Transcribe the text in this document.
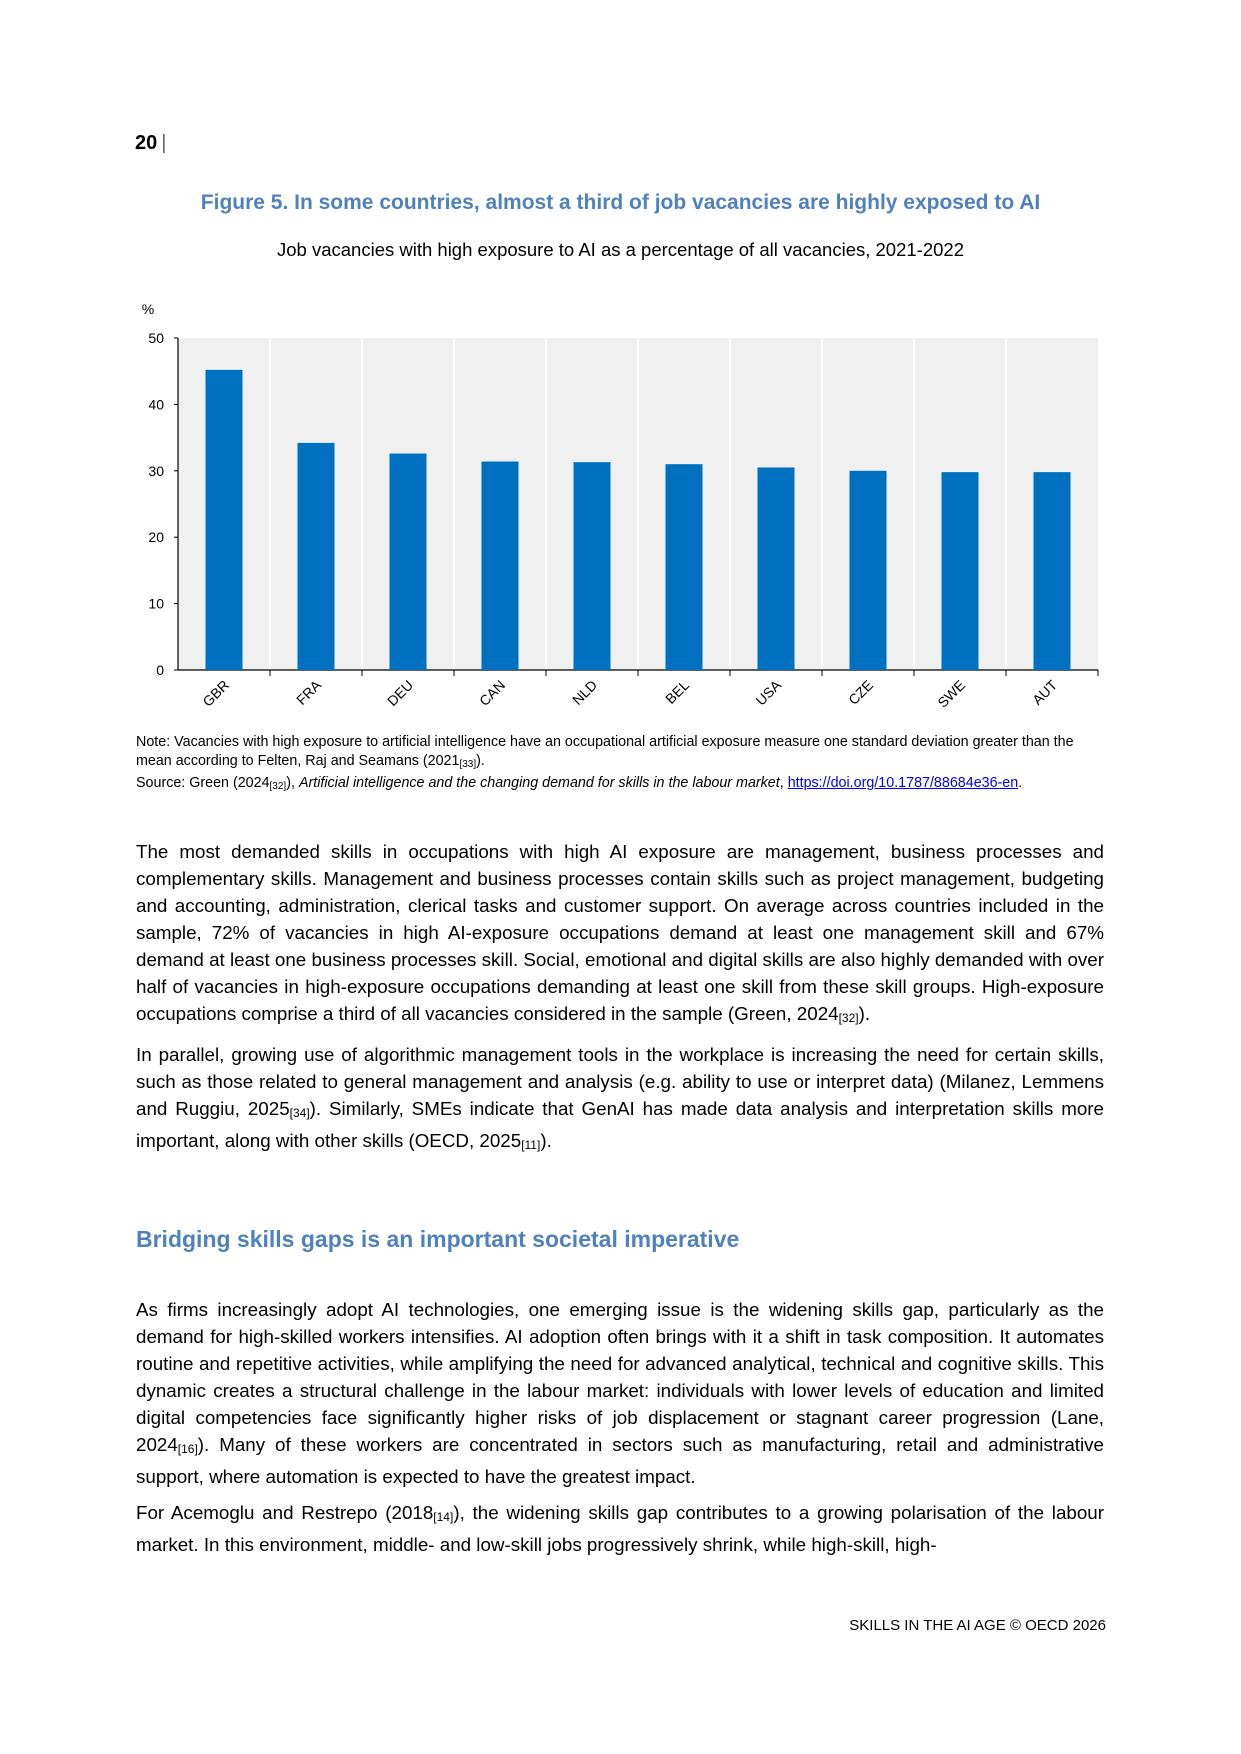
20 |
Figure 5. In some countries, almost a third of job vacancies are highly exposed to AI
Job vacancies with high exposure to AI as a percentage of all vacancies, 2021-2022
0
10
20
30
40
50
%
GBR	FRA	DEU	CAN	NLD	BEL	USA	CZE	SWE	AUT

Note: Vacancies with high exposure to artificial intelligence have an occupational artificial exposure measure one standard deviation greater than the mean according to Felten, Raj and Seamans $(2021_{[33]})$.

Source: Green $(2024_{[32]})$, Artificial intelligence and the changing demand for skills in the labour market, https://doi.org/10.1787/88684e36-en.

The most demanded skills in occupations with high AI exposure are management, business processes and complementary skills. Management and business processes contain skills such as project management, budgeting and accounting, administration, clerical tasks and customer support. On average across countries included in the sample, 72% of vacancies in high AI-exposure occupations demand at least one management skill and 67% demand at least one business processes skill. Social, emotional and digital skills are also highly demanded with over half of vacancies in high-exposure occupations demanding at least one skill from these skill groups. High-exposure occupations comprise a third of all vacancies considered in the sample (Green, $2024_{[32]}$).

In parallel, growing use of algorithmic management tools in the workplace is increasing the need for certain skills, such as those related to general management and analysis (e.g. ability to use or interpret data) (Milanez, Lemmens and Ruggiu, $2025_{[34]}$). Similarly, SMEs indicate that GenAI has made data analysis and interpretation skills more important, along with other skills (OECD, $2025_{[11]}$).

Bridging skills gaps is an important societal imperative

As firms increasingly adopt AI technologies, one emerging issue is the widening skills gap, particularly as the demand for high-skilled workers intensifies. AI adoption often brings with it a shift in task composition. It automates routine and repetitive activities, while amplifying the need for advanced analytical, technical and cognitive skills. This dynamic creates a structural challenge in the labour market: individuals with lower levels of education and limited digital competencies face significantly higher risks of job displacement or stagnant career progression (Lane, $2024_{[16]}$). Many of these workers are concentrated in sectors such as manufacturing, retail and administrative support, where automation is expected to have the greatest impact.

For Acemoglu and Restrepo $(2018_{[14]})$, the widening skills gap contributes to a growing polarisation of the labour market. In this environment, middle- and low-skill jobs progressively shrink, while high-skill, high-

SKILLS IN THE AI AGE © OECD 2026
